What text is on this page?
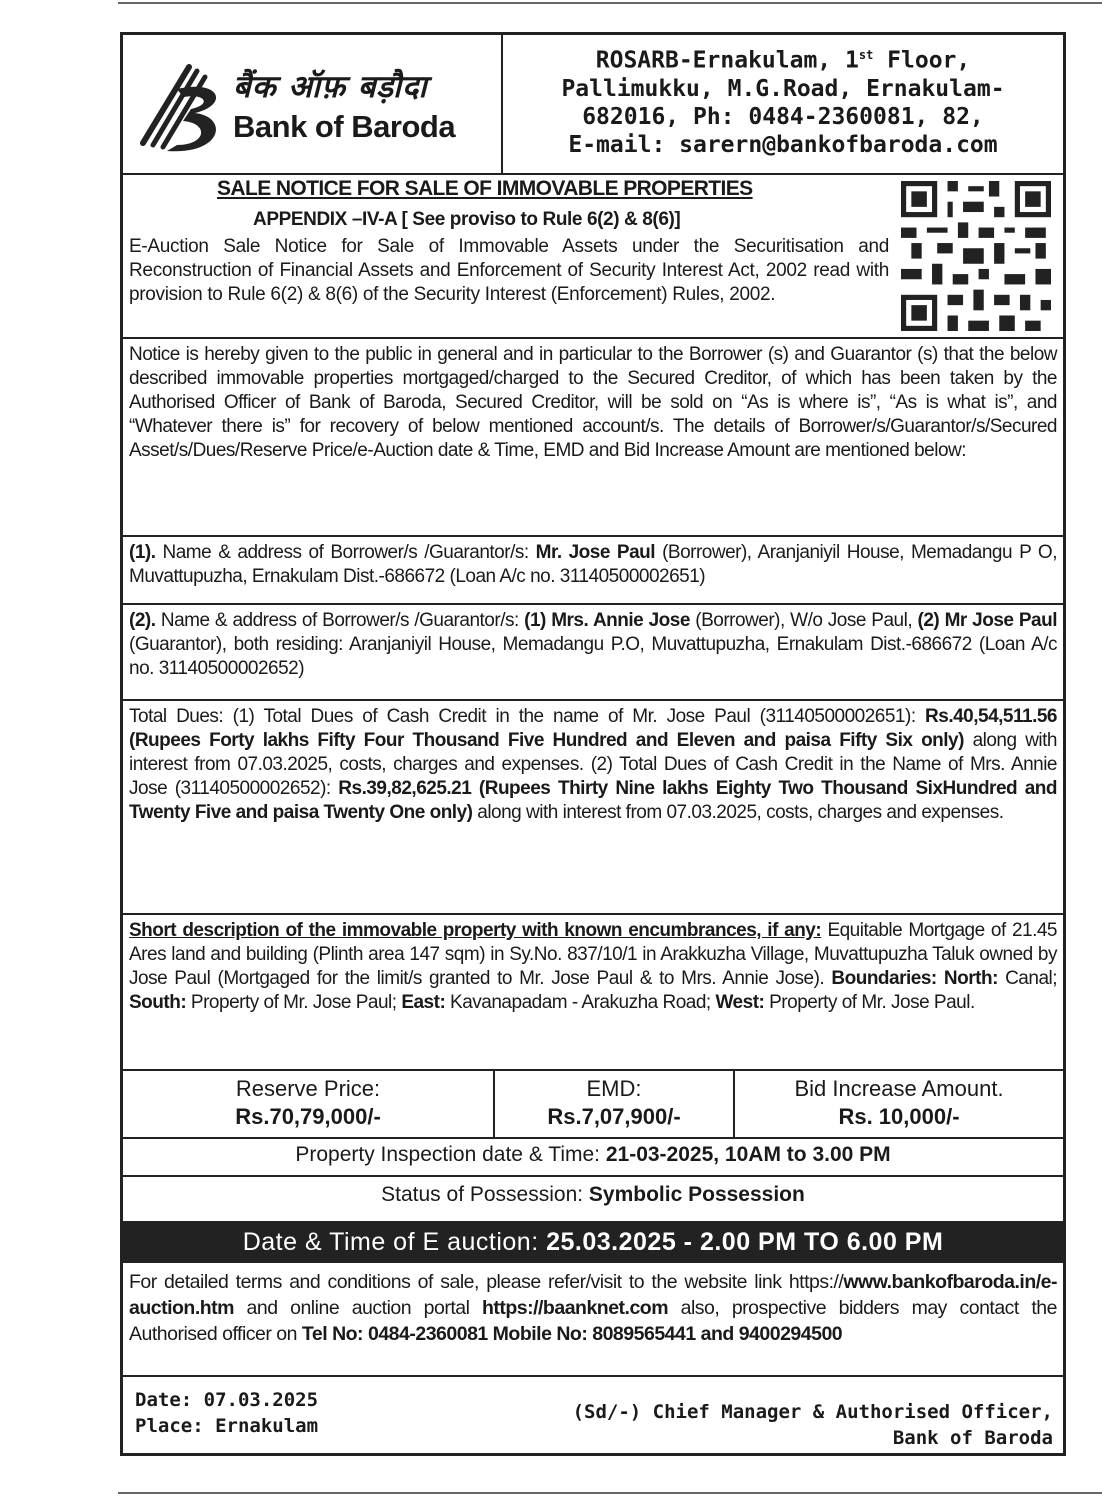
बैंक ऑफ़ बड़ौदा
Bank of Baroda
ROSARB-Ernakulam, 1st Floor,
Pallimukku, M.G.Road, Ernakulam-
682016, Ph: 0484-2360081, 82,
E-mail: sarern@bankofbaroda.com
SALE NOTICE FOR SALE OF IMMOVABLE PROPERTIES
APPENDIX –IV-A [ See proviso to Rule 6(2) & 8(6)]
E-Auction Sale Notice for Sale of Immovable Assets under the Securitisation and Reconstruction of Financial Assets and Enforcement of Security Interest Act, 2002 read with provision to Rule 6(2) & 8(6) of the Security Interest (Enforcement) Rules, 2002.
Notice is hereby given to the public in general and in particular to the Borrower (s) and Guarantor (s) that the below described immovable properties mortgaged/charged to the Secured Creditor, of which has been taken by the Authorised Officer of Bank of Baroda, Secured Creditor, will be sold on “As is where is”, “As is what is”, and “Whatever there is” for recovery of below mentioned account/s. The details of Borrower/s/Guarantor/s/Secured Asset/s/Dues/Reserve Price/e-Auction date & Time, EMD and Bid Increase Amount are mentioned below:
(1). Name & address of Borrower/s /Guarantor/s: Mr. Jose Paul (Borrower), Aranjaniyil House, Memadangu P O, Muvattupuzha, Ernakulam Dist.-686672 (Loan A/c no. 31140500002651)
(2). Name & address of Borrower/s /Guarantor/s: (1) Mrs. Annie Jose (Borrower), W/o Jose Paul, (2) Mr Jose Paul (Guarantor), both residing: Aranjaniyil House, Memadangu P.O, Muvattupuzha, Ernakulam Dist.-686672 (Loan A/c no. 31140500002652)
Total Dues: (1) Total Dues of Cash Credit in the name of Mr. Jose Paul (31140500002651): Rs.40,54,511.56 (Rupees Forty lakhs Fifty Four Thousand Five Hundred and Eleven and paisa Fifty Six only) along with interest from 07.03.2025, costs, charges and expenses. (2) Total Dues of Cash Credit in the Name of Mrs. Annie Jose (31140500002652): Rs.39,82,625.21 (Rupees Thirty Nine lakhs Eighty Two Thousand SixHundred and Twenty Five and paisa Twenty One only) along with interest from 07.03.2025, costs, charges and expenses.
Short description of the immovable property with known encumbrances, if any: Equitable Mortgage of 21.45 Ares land and building (Plinth area 147 sqm) in Sy.No. 837/10/1 in Arakkuzha Village, Muvattupuzha Taluk owned by Jose Paul (Mortgaged for the limit/s granted to Mr. Jose Paul & to Mrs. Annie Jose). Boundaries: North: Canal; South: Property of Mr. Jose Paul; East: Kavanapadam - Arakuzha Road; West: Property of Mr. Jose Paul.
Reserve Price:
Rs.70,79,000/-
EMD:
Rs.7,07,900/-
Bid Increase Amount.
Rs. 10,000/-
Property Inspection date & Time: 21-03-2025, 10AM to 3.00 PM
Status of Possession: Symbolic Possession
Date & Time of E auction: 25.03.2025 - 2.00 PM TO 6.00 PM
For detailed terms and conditions of sale, please refer/visit to the website link https://www.bankofbaroda.in/e-auction.htm and online auction portal https://baanknet.com also, prospective bidders may contact the Authorised officer on Tel No: 0484-2360081 Mobile No: 8089565441 and 9400294500
Date: 07.03.2025
Place: Ernakulam
(Sd/-) Chief Manager & Authorised Officer,
Bank of Baroda
